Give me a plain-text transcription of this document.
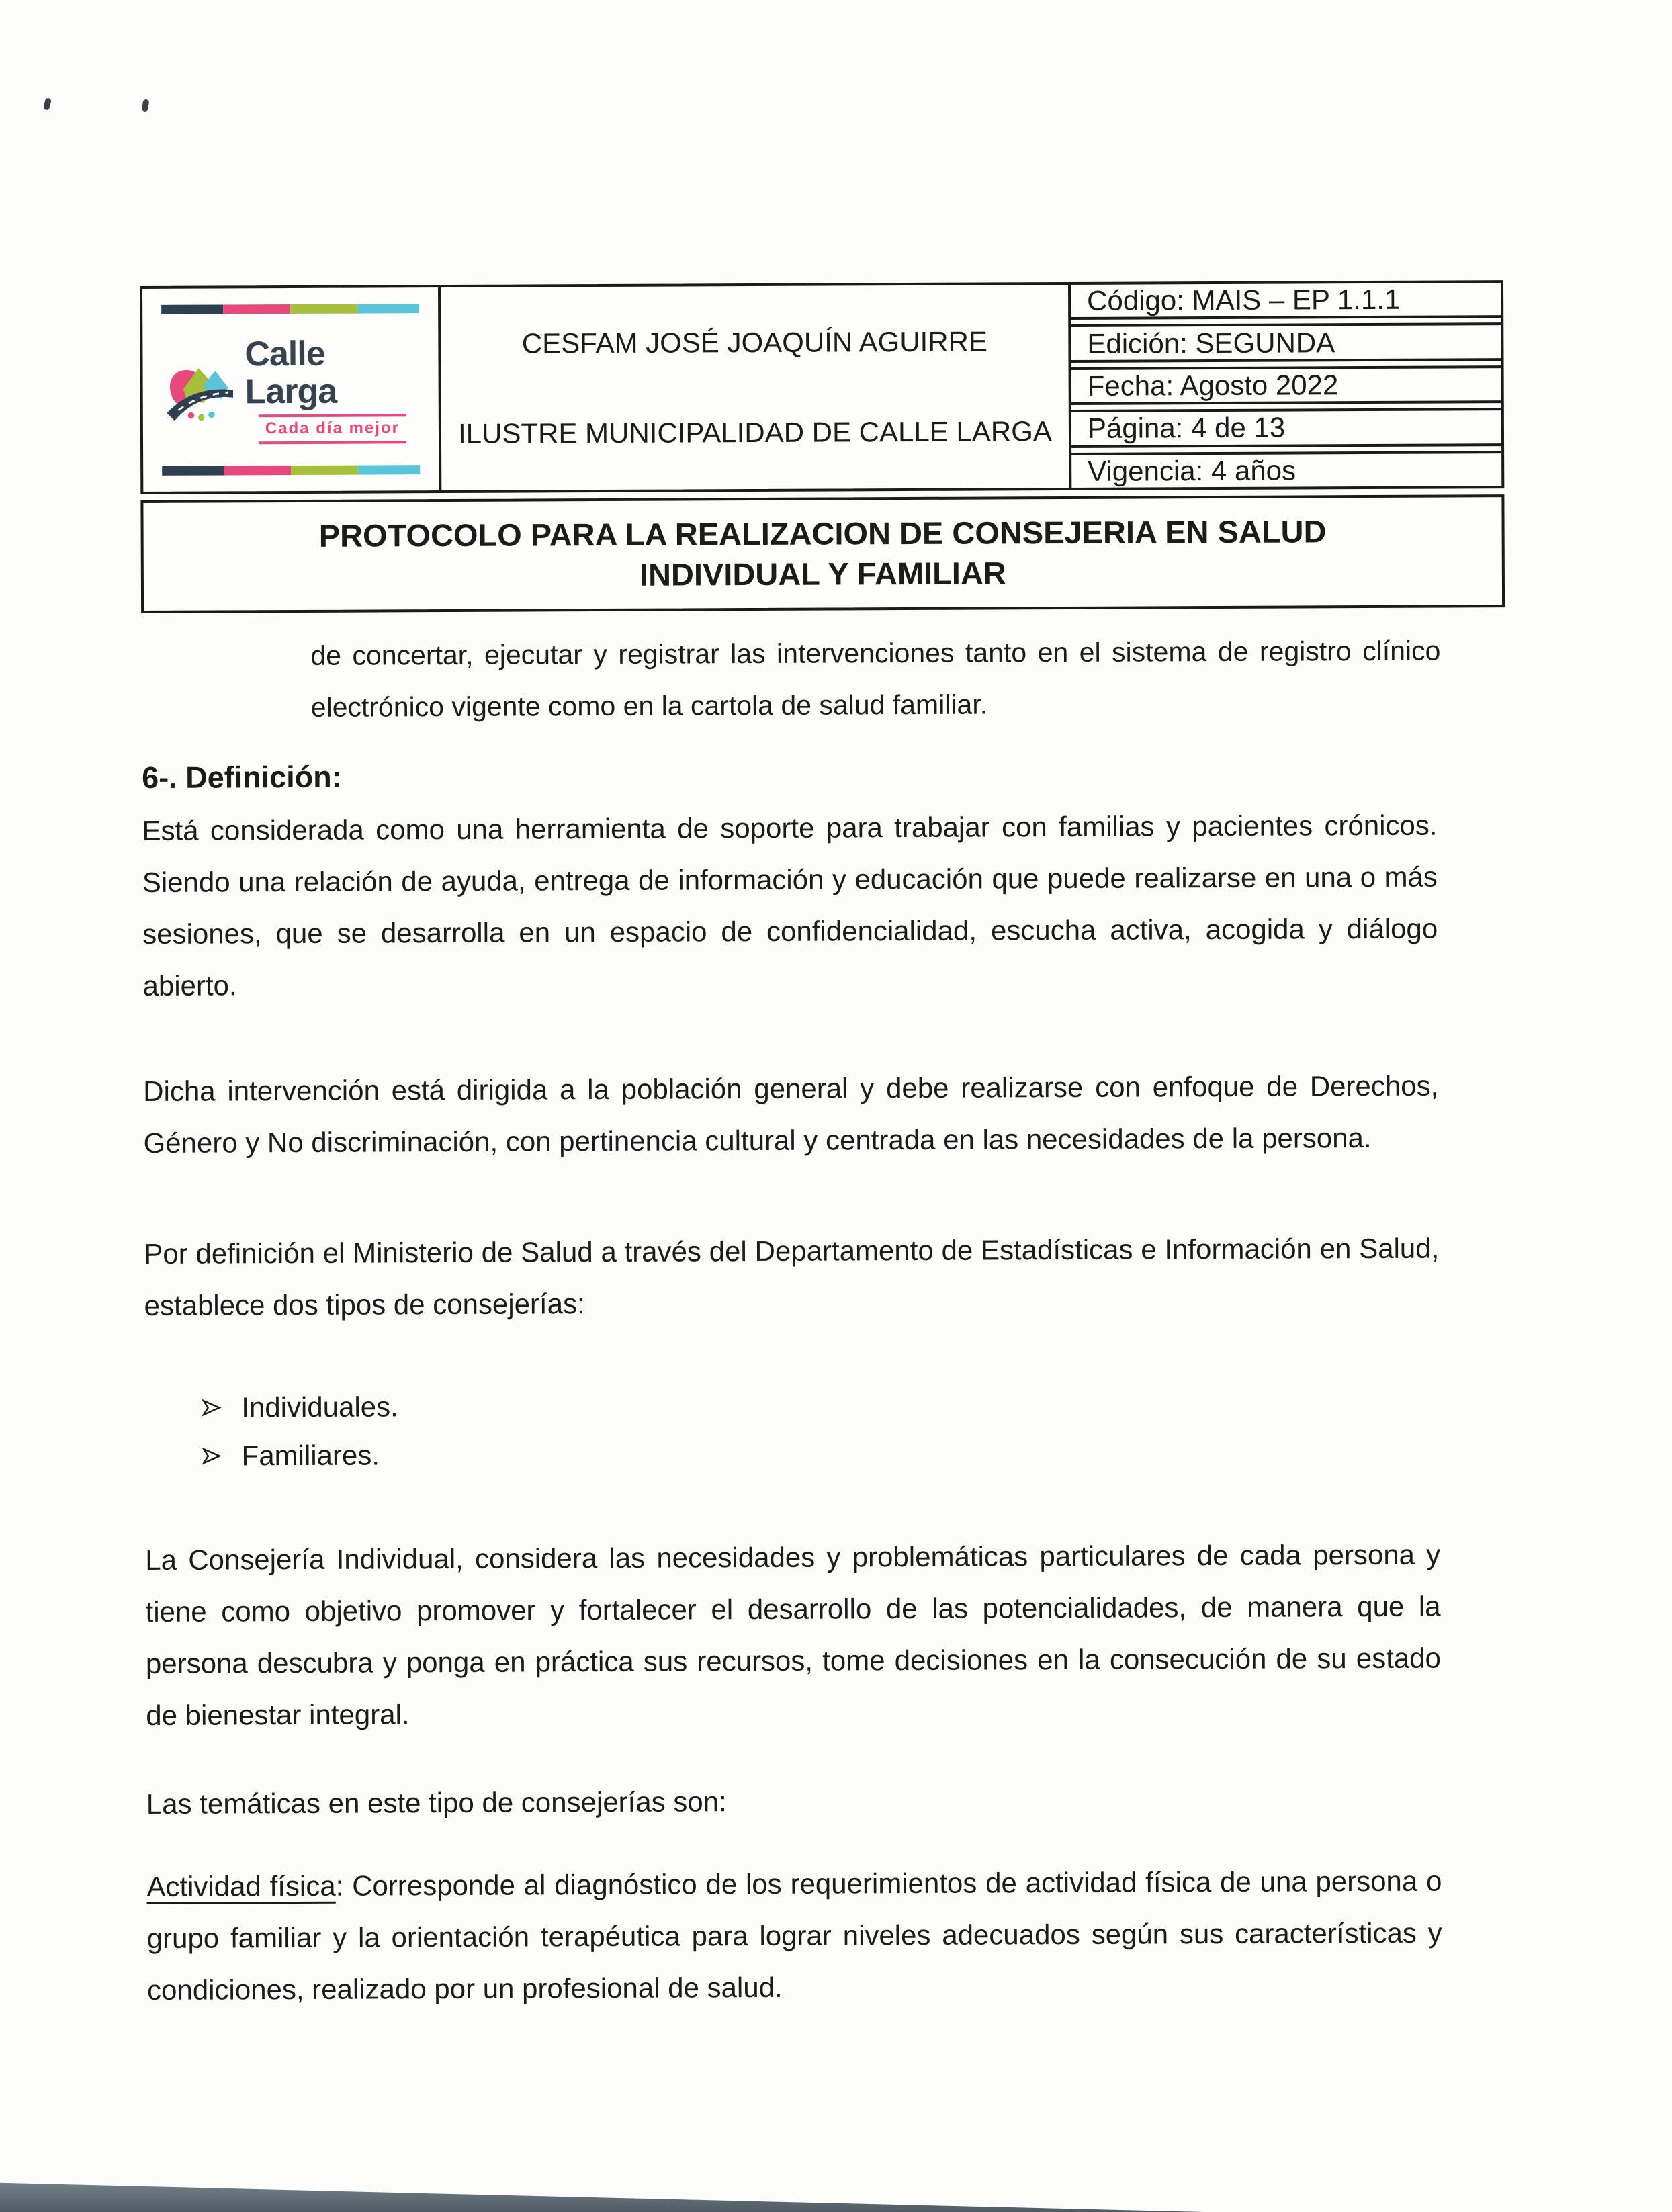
Calle Larga
Cada día mejor
CESFAM JOSÉ JOAQUÍN AGUIRRE
ILUSTRE MUNICIPALIDAD DE CALLE LARGA
Código: MAIS – EP 1.1.1
Edición: SEGUNDA
Fecha: Agosto 2022
Página: 4 de 13
Vigencia: 4 años
PROTOCOLO PARA LA REALIZACION DE CONSEJERIA EN SALUD
INDIVIDUAL Y FAMILIAR

de concertar, ejecutar y registrar las intervenciones tanto en el sistema de registro clínico electrónico vigente como en la cartola de salud familiar.

6-. Definición:

Está considerada como una herramienta de soporte para trabajar con familias y pacientes crónicos. Siendo una relación de ayuda, entrega de información y educación que puede realizarse en una o más sesiones, que se desarrolla en un espacio de confidencialidad, escucha activa, acogida y diálogo abierto.

Dicha intervención está dirigida a la población general y debe realizarse con enfoque de Derechos, Género y No discriminación, con pertinencia cultural y centrada en las necesidades de la persona.

Por definición el Ministerio de Salud a través del Departamento de Estadísticas e Información en Salud, establece dos tipos de consejerías:

Individuales.
Familiares.

La Consejería Individual, considera las necesidades y problemáticas particulares de cada persona y tiene como objetivo promover y fortalecer el desarrollo de las potencialidades, de manera que la persona descubra y ponga en práctica sus recursos, tome decisiones en la consecución de su estado de bienestar integral.

Las temáticas en este tipo de consejerías son:

Actividad física: Corresponde al diagnóstico de los requerimientos de actividad física de una persona o grupo familiar y la orientación terapéutica para lograr niveles adecuados según sus características y condiciones, realizado por un profesional de salud.
